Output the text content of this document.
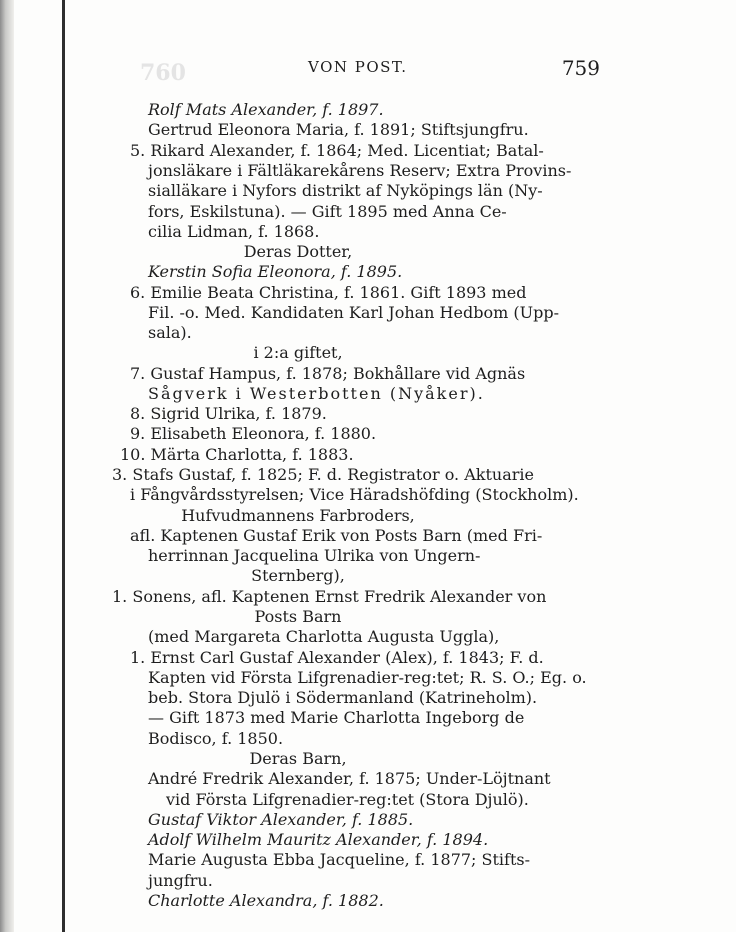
760	VON POST.	759
Rolf Mats Alexander, f. 1897.
Gertrud Eleonora Maria, f. 1891; Stiftsjungfru.
5. Rikard Alexander, f. 1864; Med. Licentiat; Batal-
jonsläkare i Fältläkarekårens Reserv; Extra Provins-
sialläkare i Nyfors distrikt af Nyköpings län (Ny-
fors, Eskilstuna). — Gift 1895 med Anna Ce-
cilia Lidman, f. 1868.
Deras Dotter,
Kerstin Sofia Eleonora, f. 1895.
6. Emilie Beata Christina, f. 1861. Gift 1893 med
Fil. -o. Med. Kandidaten Karl Johan Hedbom (Upp-
sala).
i 2:a giftet,
7. Gustaf Hampus, f. 1878; Bokhållare vid Agnäs
Sågverk i Westerbotten (Nyåker).
8. Sigrid Ulrika, f. 1879.
9. Elisabeth Eleonora, f. 1880.
10. Märta Charlotta, f. 1883.
3. Stafs Gustaf, f. 1825; F. d. Registrator o. Aktuarie
i Fångvårdsstyrelsen; Vice Häradshöfding (Stockholm).
Hufvudmannens Farbroders,
afl. Kaptenen Gustaf Erik von Posts Barn (med Fri-
herrinnan Jacquelina Ulrika von Ungern-
Sternberg),
1. Sonens, afl. Kaptenen Ernst Fredrik Alexander von
Posts Barn
(med Margareta Charlotta Augusta Uggla),
1. Ernst Carl Gustaf Alexander (Alex), f. 1843; F. d.
Kapten vid Första Lifgrenadier-reg:tet; R. S. O.; Eg. o.
beb. Stora Djulö i Södermanland (Katrineholm).
— Gift 1873 med Marie Charlotta Ingeborg de
Bodisco, f. 1850.
Deras Barn,
André Fredrik Alexander, f. 1875; Under-Löjtnant
vid Första Lifgrenadier-reg:tet (Stora Djulö).
Gustaf Viktor Alexander, f. 1885.
Adolf Wilhelm Mauritz Alexander, f. 1894.
Marie Augusta Ebba Jacqueline, f. 1877; Stifts-
jungfru.
Charlotte Alexandra, f. 1882.
